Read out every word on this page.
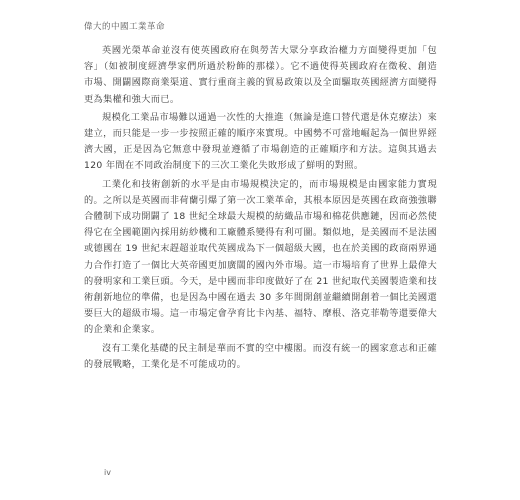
偉大的中國工業革命

英國光榮革命並沒有使英國政府在與勞苦大眾分享政治權力方面變得更加「包容」（如被制度經濟學家們所過於粉飾的那樣）。它不過使得英國政府在徵稅、創造市場、開闢國際商業渠道、實行重商主義的貿易政策以及全面驅取英國經濟方面變得更為集權和強大而已。

規模化工業品市場難以通過一次性的大推進（無論是進口替代還是休克療法）來建立，而只能是一步一步按照正確的順序來實現。中國勢不可當地崛起為一個世界經濟大國，正是因為它無意中發現並遵循了市場創造的正確順序和方法。這與其過去 120 年間在不同政治制度下的三次工業化失敗形成了鮮明的對照。

工業化和技術創新的水平是由市場規模決定的，而市場規模是由國家能力實現的。之所以是英國而非荷蘭引爆了第一次工業革命，其根本原因是英國在政商強強聯合體制下成功開闢了 18 世紀全球最大規模的紡織品市場和棉花供應鏈，因而必然使得它在全國範圍內採用紡紗機和工廠體系變得有利可圖。類似地，是美國而不是法國或德國在 19 世紀末趕超並取代英國成為下一個超級大國，也在於美國的政商兩界通力合作打造了一個比大英帝國更加廣闊的國內外市場。這一市場培育了世界上最偉大的發明家和工業巨頭。今天，是中國而非印度做好了在 21 世紀取代美國製造業和技術創新地位的準備，也是因為中國在過去 30 多年間開創並繼續開創着一個比美國還要巨大的超級市場。這一市場定會孕育比卡內基、福特、摩根、洛克菲勒等還要偉大的企業和企業家。

沒有工業化基礎的民主制是華而不實的空中樓閣。而沒有統一的國家意志和正確的發展戰略，工業化是不可能成功的。

iv
